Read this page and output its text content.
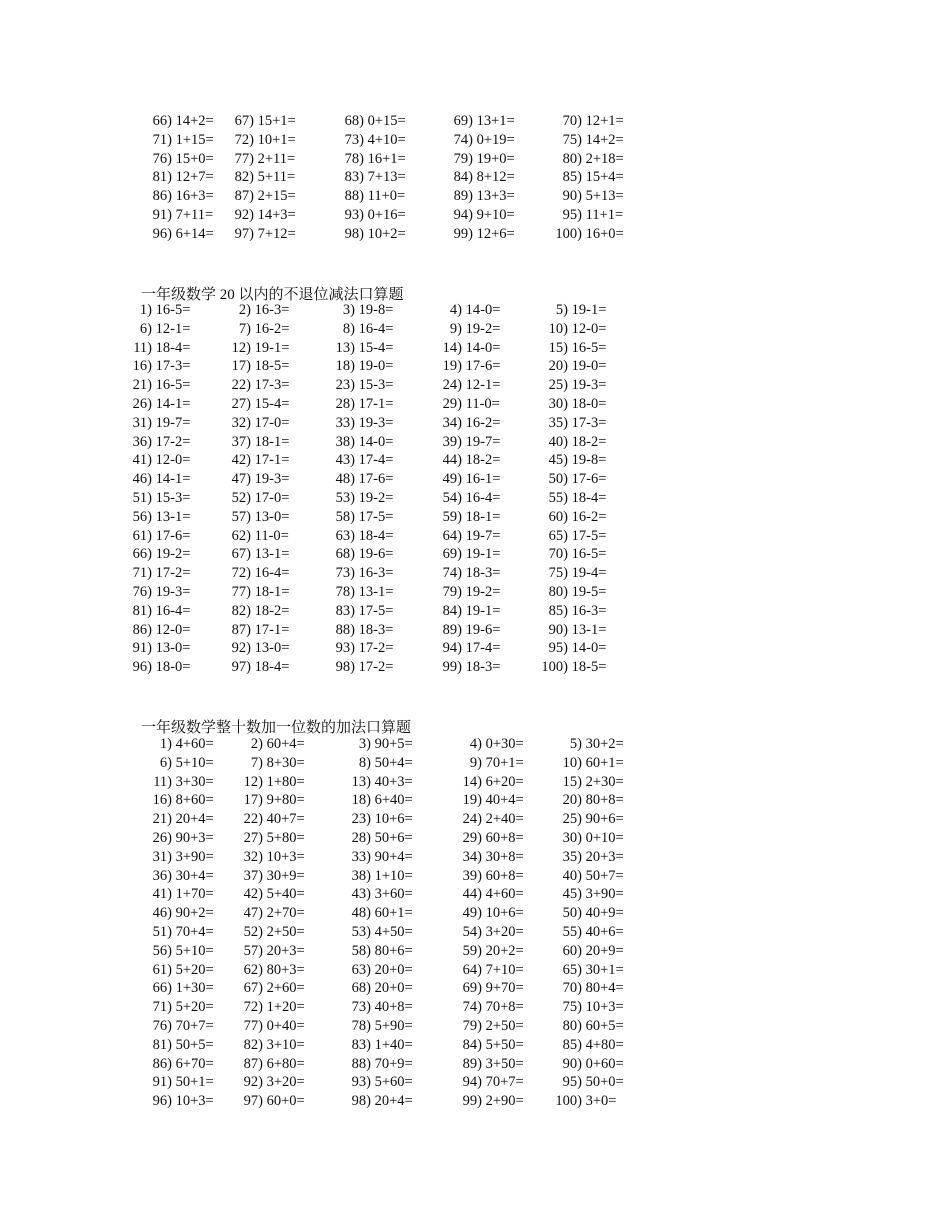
66) 14+2=	67) 15+1=	68) 0+15=	69) 13+1=	70) 12+1=
71) 1+15=	72) 10+1=	73) 4+10=	74) 0+19=	75) 14+2=
76) 15+0=	77) 2+11=	78) 16+1=	79) 19+0=	80) 2+18=
81) 12+7=	82) 5+11=	83) 7+13=	84) 8+12=	85) 15+4=
86) 16+3=	87) 2+15=	88) 11+0=	89) 13+3=	90) 5+13=
91) 7+11=	92) 14+3=	93) 0+16=	94) 9+10=	95) 11+1=
96) 6+14=	97) 7+12=	98) 10+2=	99) 12+6=	100) 16+0=
一年级数学 20 以内的不退位减法口算题
1) 16-5=	2) 16-3=	3) 19-8=	4) 14-0=	5) 19-1=
6) 12-1=	7) 16-2=	8) 16-4=	9) 19-2=	10) 12-0=
11) 18-4=	12) 19-1=	13) 15-4=	14) 14-0=	15) 16-5=
16) 17-3=	17) 18-5=	18) 19-0=	19) 17-6=	20) 19-0=
21) 16-5=	22) 17-3=	23) 15-3=	24) 12-1=	25) 19-3=
26) 14-1=	27) 15-4=	28) 17-1=	29) 11-0=	30) 18-0=
31) 19-7=	32) 17-0=	33) 19-3=	34) 16-2=	35) 17-3=
36) 17-2=	37) 18-1=	38) 14-0=	39) 19-7=	40) 18-2=
41) 12-0=	42) 17-1=	43) 17-4=	44) 18-2=	45) 19-8=
46) 14-1=	47) 19-3=	48) 17-6=	49) 16-1=	50) 17-6=
51) 15-3=	52) 17-0=	53) 19-2=	54) 16-4=	55) 18-4=
56) 13-1=	57) 13-0=	58) 17-5=	59) 18-1=	60) 16-2=
61) 17-6=	62) 11-0=	63) 18-4=	64) 19-7=	65) 17-5=
66) 19-2=	67) 13-1=	68) 19-6=	69) 19-1=	70) 16-5=
71) 17-2=	72) 16-4=	73) 16-3=	74) 18-3=	75) 19-4=
76) 19-3=	77) 18-1=	78) 13-1=	79) 19-2=	80) 19-5=
81) 16-4=	82) 18-2=	83) 17-5=	84) 19-1=	85) 16-3=
86) 12-0=	87) 17-1=	88) 18-3=	89) 19-6=	90) 13-1=
91) 13-0=	92) 13-0=	93) 17-2=	94) 17-4=	95) 14-0=
96) 18-0=	97) 18-4=	98) 17-2=	99) 18-3=	100) 18-5=
一年级数学整十数加一位数的加法口算题
1) 4+60=	2) 60+4=	3) 90+5=	4) 0+30=	5) 30+2=
6) 5+10=	7) 8+30=	8) 50+4=	9) 70+1=	10) 60+1=
11) 3+30=	12) 1+80=	13) 40+3=	14) 6+20=	15) 2+30=
16) 8+60=	17) 9+80=	18) 6+40=	19) 40+4=	20) 80+8=
21) 20+4=	22) 40+7=	23) 10+6=	24) 2+40=	25) 90+6=
26) 90+3=	27) 5+80=	28) 50+6=	29) 60+8=	30) 0+10=
31) 3+90=	32) 10+3=	33) 90+4=	34) 30+8=	35) 20+3=
36) 30+4=	37) 30+9=	38) 1+10=	39) 60+8=	40) 50+7=
41) 1+70=	42) 5+40=	43) 3+60=	44) 4+60=	45) 3+90=
46) 90+2=	47) 2+70=	48) 60+1=	49) 10+6=	50) 40+9=
51) 70+4=	52) 2+50=	53) 4+50=	54) 3+20=	55) 40+6=
56) 5+10=	57) 20+3=	58) 80+6=	59) 20+2=	60) 20+9=
61) 5+20=	62) 80+3=	63) 20+0=	64) 7+10=	65) 30+1=
66) 1+30=	67) 2+60=	68) 20+0=	69) 9+70=	70) 80+4=
71) 5+20=	72) 1+20=	73) 40+8=	74) 70+8=	75) 10+3=
76) 70+7=	77) 0+40=	78) 5+90=	79) 2+50=	80) 60+5=
81) 50+5=	82) 3+10=	83) 1+40=	84) 5+50=	85) 4+80=
86) 6+70=	87) 6+80=	88) 70+9=	89) 3+50=	90) 0+60=
91) 50+1=	92) 3+20=	93) 5+60=	94) 70+7=	95) 50+0=
96) 10+3=	97) 60+0=	98) 20+4=	99) 2+90=	100) 3+0=
